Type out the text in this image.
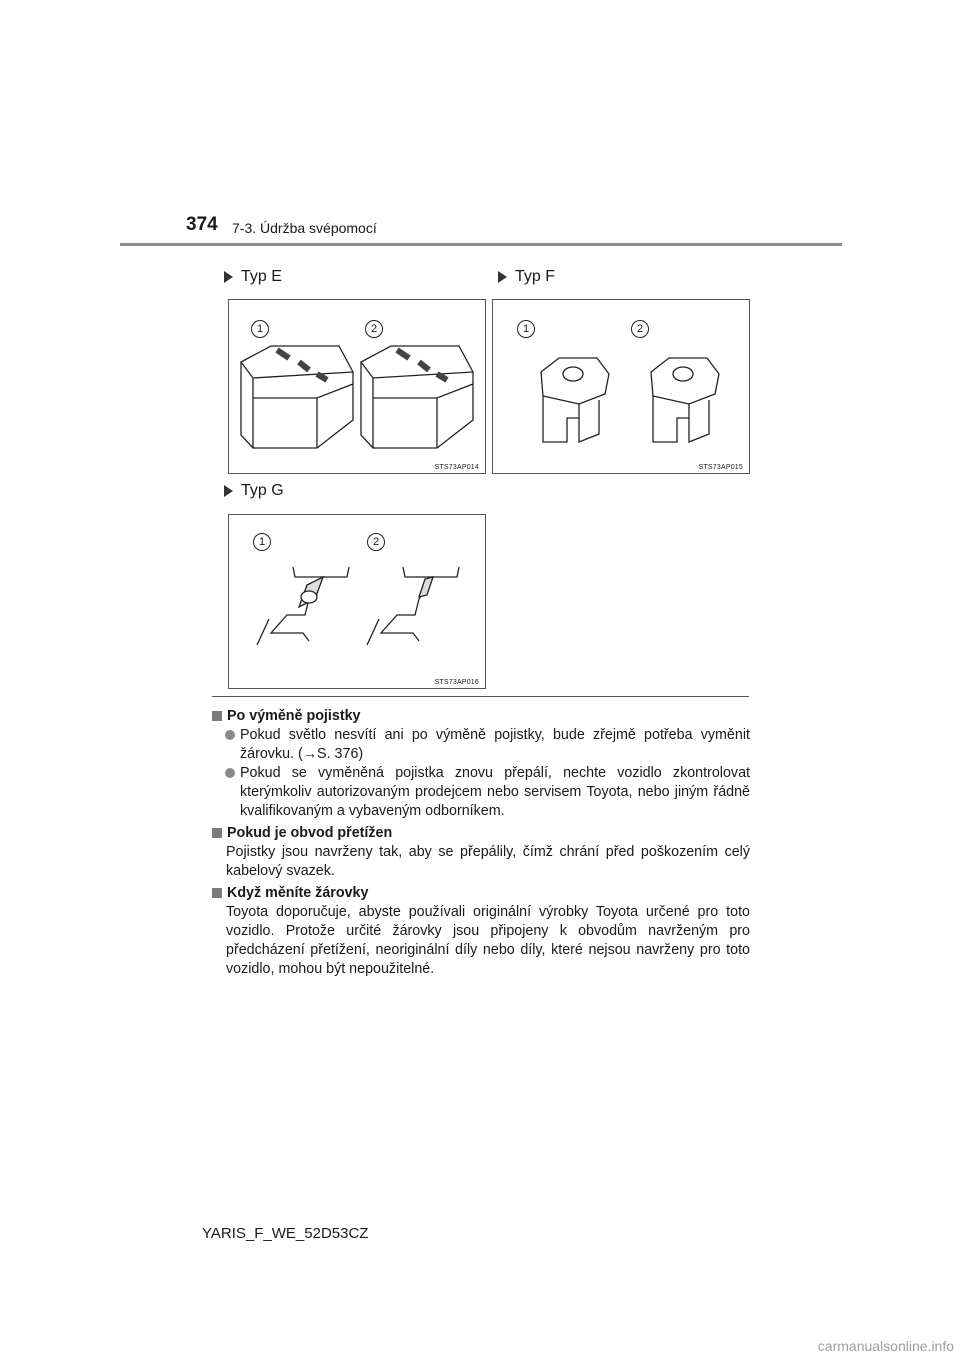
374 7-3. Údržba svépomocí
Typ E
1	2
STS73AP014
Typ F
1	2
STS73AP015
Typ G
1	2
STS73AP016
Po výměně pojistky
Pokud světlo nesvítí ani po výměně pojistky, bude zřejmě potřeba vyměnit žárovku. (→S. 376)
Pokud se vyměněná pojistka znovu přepálí, nechte vozidlo zkontrolovat kterýmkoliv autorizovaným prodejcem nebo servisem Toyota, nebo jiným řádně kvalifikovaným a vybaveným odborníkem.
Pokud je obvod přetížen
Pojistky jsou navrženy tak, aby se přepálily, čímž chrání před poškozením celý kabelový svazek.
Když měníte žárovky
Toyota doporučuje, abyste používali originální výrobky Toyota určené pro toto vozidlo. Protože určité žárovky jsou připojeny k obvodům navrženým pro předcházení přetížení, neoriginální díly nebo díly, které nejsou navrženy pro toto vozidlo, mohou být nepoužitelné.
YARIS_F_WE_52D53CZ
carmanualsonline.info
